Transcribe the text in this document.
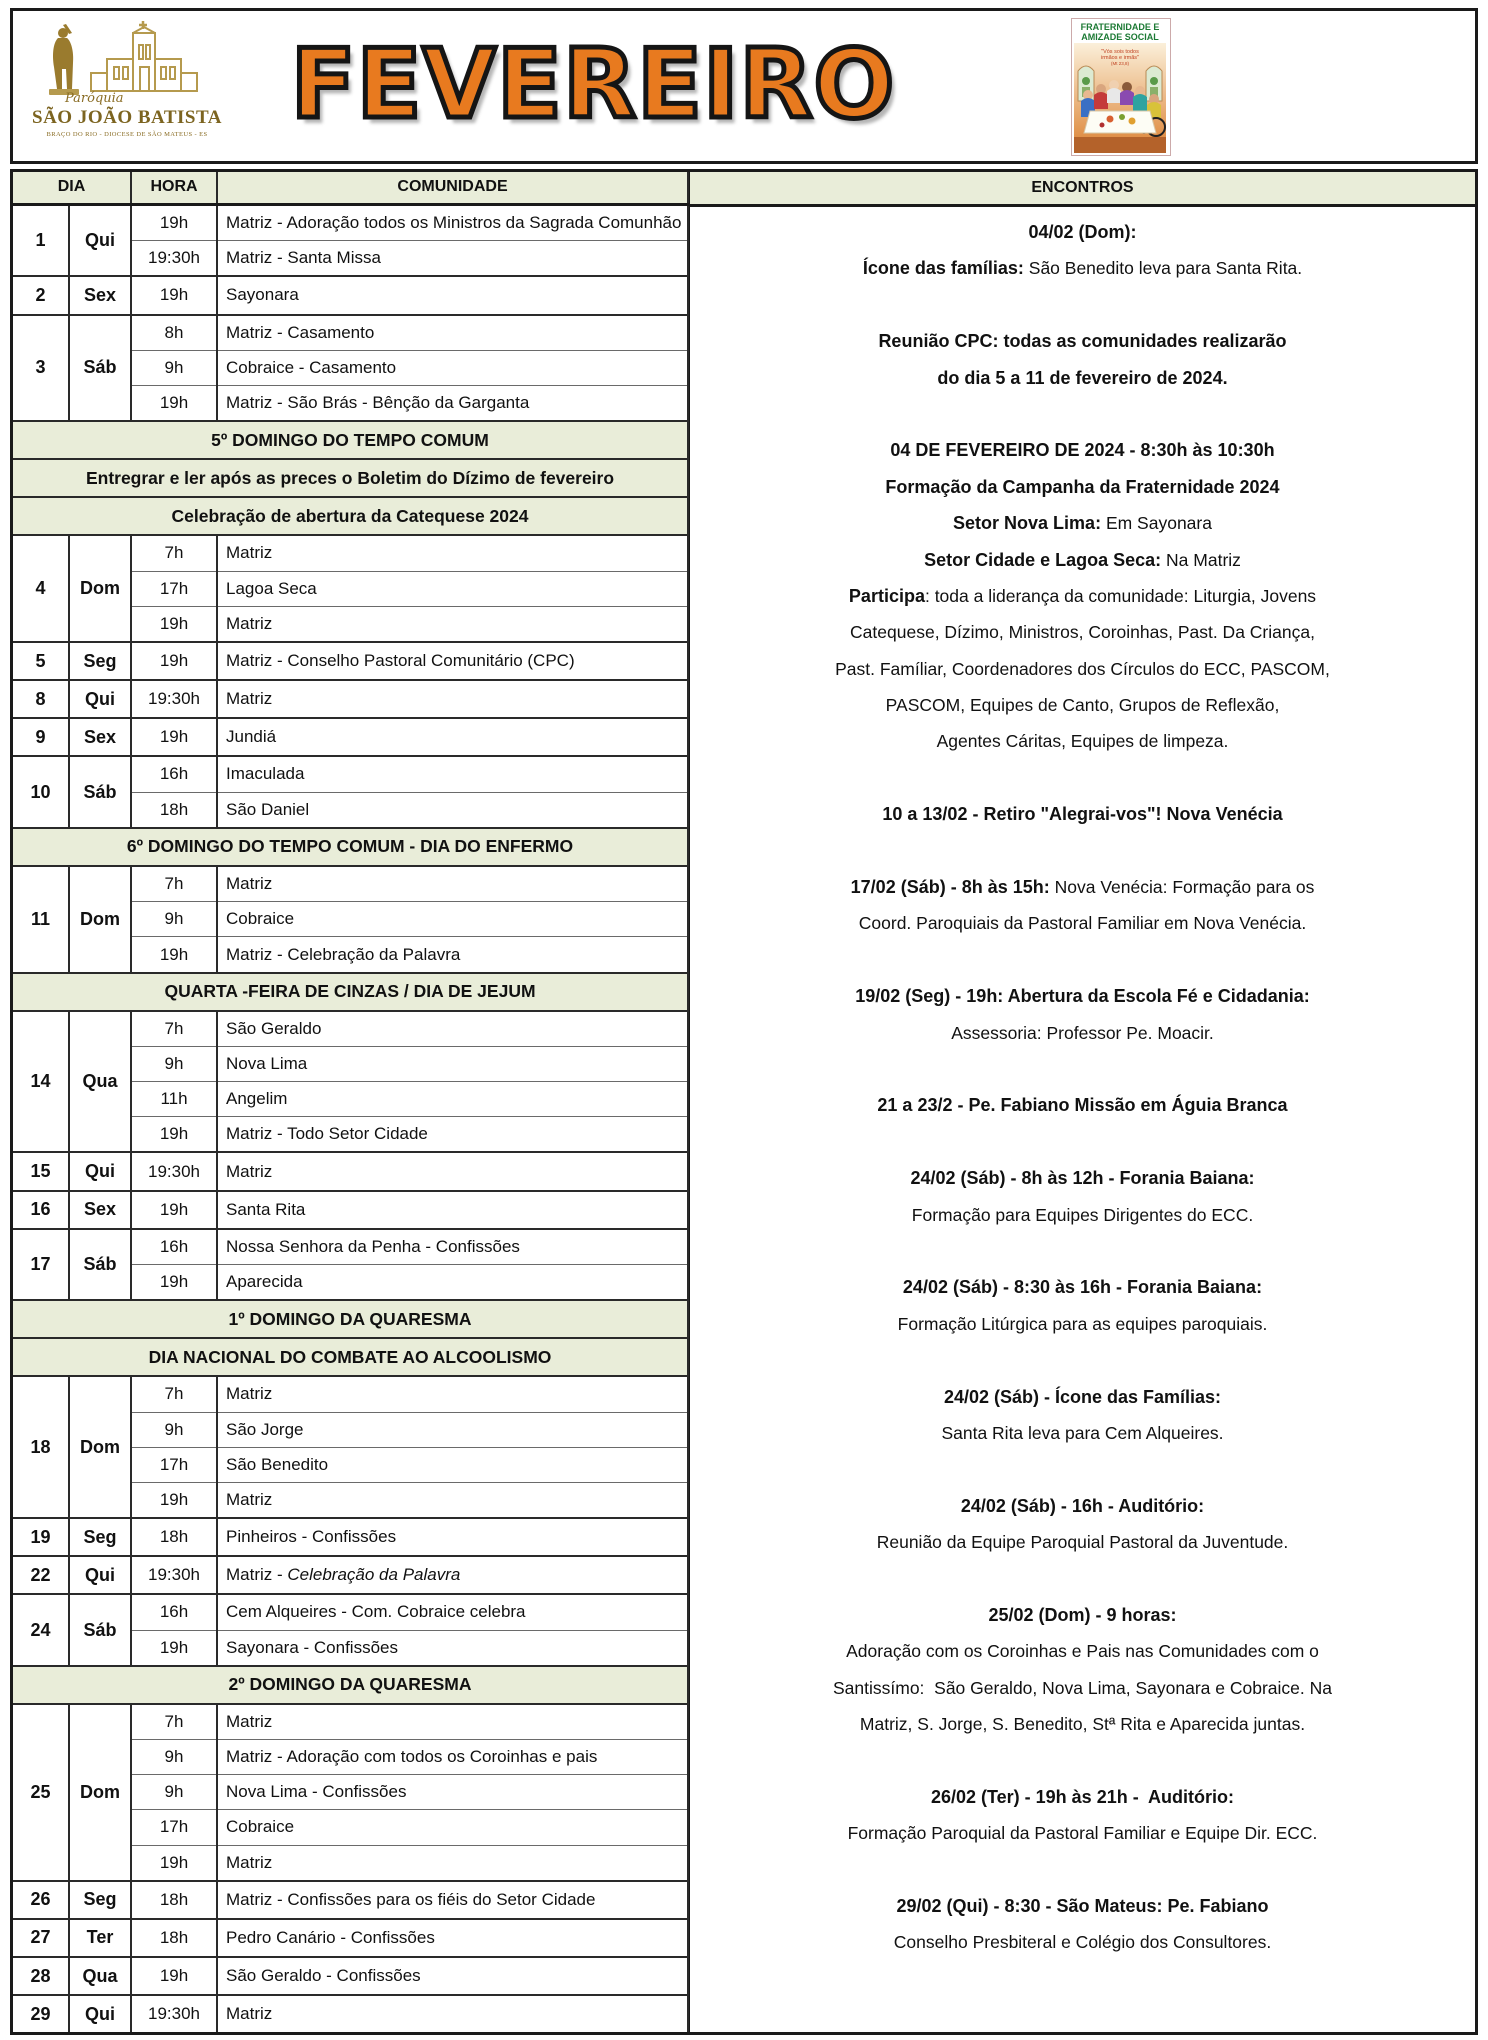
Paróquia
SÃO JOÃO BATISTA
BRAÇO DO RIO - DIOCESE DE SÃO MATEUS - ES FEVEREIRO
FRATERNIDADE E
AMIZADE SOCIAL
"Vós sois todos
irmãos e irmãs"
(Mt 23,8)
DIA		HORA	COMUNIDADE
1	Qui	19h	Matriz - Adoração todos os Ministros da Sagrada Comunhão
		19:30h	Matriz - Santa Missa
2	Sex	19h	Sayonara
3	Sáb	8h	Matriz - Casamento
		9h	Cobraice - Casamento
		19h	Matriz - São Brás - Bênção da Garganta
5º DOMINGO DO TEMPO COMUM			
Entregrar e ler após as preces o Boletim do Dízimo de fevereiro			
Celebração de abertura da Catequese 2024			
4	Dom	7h	Matriz
		17h	Lagoa Seca
		19h	Matriz
5	Seg	19h	Matriz - Conselho Pastoral Comunitário (CPC)
8	Qui	19:30h	Matriz
9	Sex	19h	Jundiá
10	Sáb	16h	Imaculada
		18h	São Daniel
6º DOMINGO DO TEMPO COMUM - DIA DO ENFERMO			
11	Dom	7h	Matriz
		9h	Cobraice
		19h	Matriz - Celebração da Palavra
QUARTA -FEIRA DE CINZAS / DIA DE JEJUM			
14	Qua	7h	São Geraldo
		9h	Nova Lima
		11h	Angelim
		19h	Matriz - Todo Setor Cidade
15	Qui	19:30h	Matriz
16	Sex	19h	Santa Rita
17	Sáb	16h	Nossa Senhora da Penha - Confissões
		19h	Aparecida
1º DOMINGO DA QUARESMA			
DIA NACIONAL DO COMBATE AO ALCOOLISMO			
18	Dom	7h	Matriz
		9h	São Jorge
		17h	São Benedito
		19h	Matriz
19	Seg	18h	Pinheiros - Confissões
22	Qui	19:30h	Matriz - Celebração da Palavra
24	Sáb	16h	Cem Alqueires - Com. Cobraice celebra
		19h	Sayonara - Confissões
2º DOMINGO DA QUARESMA			
25	Dom	7h	Matriz
		9h	Matriz - Adoração com todos os Coroinhas e pais
		9h	Nova Lima - Confissões
		17h	Cobraice
		19h	Matriz
26	Seg	18h	Matriz - Confissões para os fiéis do Setor Cidade
27	Ter	18h	Pedro Canário - Confissões
28	Qua	19h	São Geraldo - Confissões
29	Qui	19:30h	Matriz
ENCONTROS
04/02 (Dom):
Ícone das famílias: São Benedito leva para Santa Rita.
Reunião CPC: todas as comunidades realizarão
do dia 5 a 11 de fevereiro de 2024.
04 DE FEVEREIRO DE 2024 - 8:30h às 10:30h
Formação da Campanha da Fraternidade 2024
Setor Nova Lima: Em Sayonara
Setor Cidade e Lagoa Seca: Na Matriz
Participa: toda a liderança da comunidade: Liturgia, Jovens
Catequese, Dízimo, Ministros, Coroinhas, Past. Da Criança,
Past. Famíliar, Coordenadores dos Círculos do ECC, PASCOM,
PASCOM, Equipes de Canto, Grupos de Reflexão,
Agentes Cáritas, Equipes de limpeza.
10 a 13/02 - Retiro "Alegrai-vos"! Nova Venécia
17/02 (Sáb) - 8h às 15h: Nova Venécia: Formação para os
Coord. Paroquiais da Pastoral Familiar em Nova Venécia.
19/02 (Seg) - 19h: Abertura da Escola Fé e Cidadania:
Assessoria: Professor Pe. Moacir.
21 a 23/2 - Pe. Fabiano Missão em Águia Branca
24/02 (Sáb) - 8h às 12h - Forania Baiana:
Formação para Equipes Dirigentes do ECC.
24/02 (Sáb) - 8:30 às 16h - Forania Baiana:
Formação Litúrgica para as equipes paroquiais.
24/02 (Sáb) - Ícone das Famílias:
Santa Rita leva para Cem Alqueires.
24/02 (Sáb) - 16h - Auditório:
Reunião da Equipe Paroquial Pastoral da Juventude.
25/02 (Dom) - 9 horas:
Adoração com os Coroinhas e Pais nas Comunidades com o
Santissímo:  São Geraldo, Nova Lima, Sayonara e Cobraice. Na
Matriz, S. Jorge, S. Benedito, Stª Rita e Aparecida juntas.
26/02 (Ter) - 19h às 21h -  Auditório:
Formação Paroquial da Pastoral Familiar e Equipe Dir. ECC.
29/02 (Qui) - 8:30 - São Mateus: Pe. Fabiano
Conselho Presbiteral e Colégio dos Consultores.
